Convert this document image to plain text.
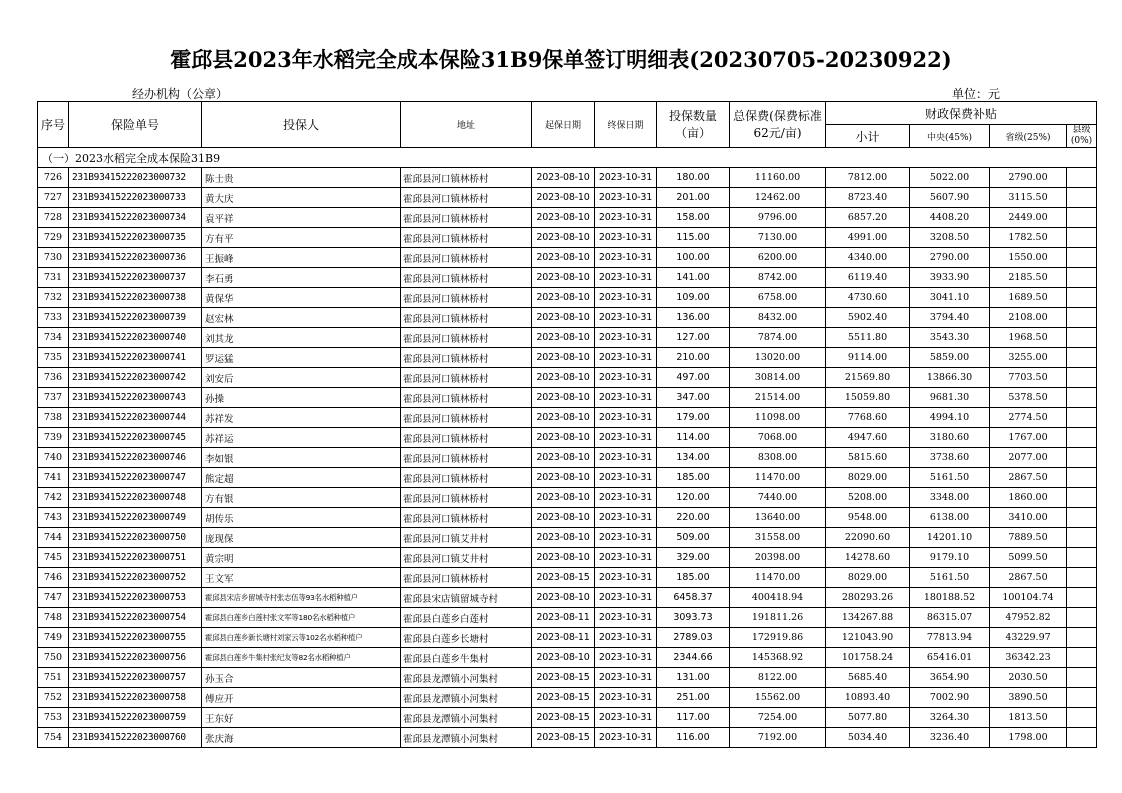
霍邱县2023年水稻完全成本保险31B9保单签订明细表(20230705-20230922)
经办机构（公章）	单位：元
序号	保险单号	投保人	地址	起保日期	终保日期	投保数量（亩）	总保费(保费标准62元/亩)	财政保费补贴			
								小计	中央(45%)	省级(25%)	县级(0%)
（一）2023水稻完全成本保险31B9											
726	231B93415222023000732	陈士贵	霍邱县河口镇林桥村	2023-08-10	2023-10-31	180.00	11160.00	7812.00	5022.00	2790.00	
727	231B93415222023000733	黄大庆	霍邱县河口镇林桥村	2023-08-10	2023-10-31	201.00	12462.00	8723.40	5607.90	3115.50	
728	231B93415222023000734	袁平祥	霍邱县河口镇林桥村	2023-08-10	2023-10-31	158.00	9796.00	6857.20	4408.20	2449.00	
729	231B93415222023000735	方有平	霍邱县河口镇林桥村	2023-08-10	2023-10-31	115.00	7130.00	4991.00	3208.50	1782.50	
730	231B93415222023000736	王振峰	霍邱县河口镇林桥村	2023-08-10	2023-10-31	100.00	6200.00	4340.00	2790.00	1550.00	
731	231B93415222023000737	李石勇	霍邱县河口镇林桥村	2023-08-10	2023-10-31	141.00	8742.00	6119.40	3933.90	2185.50	
732	231B93415222023000738	黄保华	霍邱县河口镇林桥村	2023-08-10	2023-10-31	109.00	6758.00	4730.60	3041.10	1689.50	
733	231B93415222023000739	赵宏林	霍邱县河口镇林桥村	2023-08-10	2023-10-31	136.00	8432.00	5902.40	3794.40	2108.00	
734	231B93415222023000740	刘其龙	霍邱县河口镇林桥村	2023-08-10	2023-10-31	127.00	7874.00	5511.80	3543.30	1968.50	
735	231B93415222023000741	罗运猛	霍邱县河口镇林桥村	2023-08-10	2023-10-31	210.00	13020.00	9114.00	5859.00	3255.00	
736	231B93415222023000742	刘安后	霍邱县河口镇林桥村	2023-08-10	2023-10-31	497.00	30814.00	21569.80	13866.30	7703.50	
737	231B93415222023000743	孙操	霍邱县河口镇林桥村	2023-08-10	2023-10-31	347.00	21514.00	15059.80	9681.30	5378.50	
738	231B93415222023000744	苏祥发	霍邱县河口镇林桥村	2023-08-10	2023-10-31	179.00	11098.00	7768.60	4994.10	2774.50	
739	231B93415222023000745	苏祥运	霍邱县河口镇林桥村	2023-08-10	2023-10-31	114.00	7068.00	4947.60	3180.60	1767.00	
740	231B93415222023000746	李如银	霍邱县河口镇林桥村	2023-08-10	2023-10-31	134.00	8308.00	5815.60	3738.60	2077.00	
741	231B93415222023000747	熊定超	霍邱县河口镇林桥村	2023-08-10	2023-10-31	185.00	11470.00	8029.00	5161.50	2867.50	
742	231B93415222023000748	方有银	霍邱县河口镇林桥村	2023-08-10	2023-10-31	120.00	7440.00	5208.00	3348.00	1860.00	
743	231B93415222023000749	胡传乐	霍邱县河口镇林桥村	2023-08-10	2023-10-31	220.00	13640.00	9548.00	6138.00	3410.00	
744	231B93415222023000750	庞现保	霍邱县河口镇艾井村	2023-08-10	2023-10-31	509.00	31558.00	22090.60	14201.10	7889.50	
745	231B93415222023000751	黄宗明	霍邱县河口镇艾井村	2023-08-10	2023-10-31	329.00	20398.00	14278.60	9179.10	5099.50	
746	231B93415222023000752	王文军	霍邱县河口镇林桥村	2023-08-15	2023-10-31	185.00	11470.00	8029.00	5161.50	2867.50	
747	231B93415222023000753	霍邱县宋店乡留城寺村张志伍等93名水稻种植户	霍邱县宋店镇留城寺村	2023-08-10	2023-10-31	6458.37	400418.94	280293.26	180188.52	100104.74	
748	231B93415222023000754	霍邱县白莲乡白莲村张文军等180名水稻种植户	霍邱县白莲乡白莲村	2023-08-11	2023-10-31	3093.73	191811.26	134267.88	86315.07	47952.82	
749	231B93415222023000755	霍邱县白莲乡新长塘村刘家云等102名水稻种植户	霍邱县白莲乡长塘村	2023-08-11	2023-10-31	2789.03	172919.86	121043.90	77813.94	43229.97	
750	231B93415222023000756	霍邱县白莲乡牛集村张纪友等82名水稻种植户	霍邱县白莲乡牛集村	2023-08-10	2023-10-31	2344.66	145368.92	101758.24	65416.01	36342.23	
751	231B93415222023000757	孙玉合	霍邱县龙潭镇小河集村	2023-08-15	2023-10-31	131.00	8122.00	5685.40	3654.90	2030.50	
752	231B93415222023000758	傅应开	霍邱县龙潭镇小河集村	2023-08-15	2023-10-31	251.00	15562.00	10893.40	7002.90	3890.50	
753	231B93415222023000759	王东好	霍邱县龙潭镇小河集村	2023-08-15	2023-10-31	117.00	7254.00	5077.80	3264.30	1813.50	
754	231B93415222023000760	张庆海	霍邱县龙潭镇小河集村	2023-08-15	2023-10-31	116.00	7192.00	5034.40	3236.40	1798.00	
